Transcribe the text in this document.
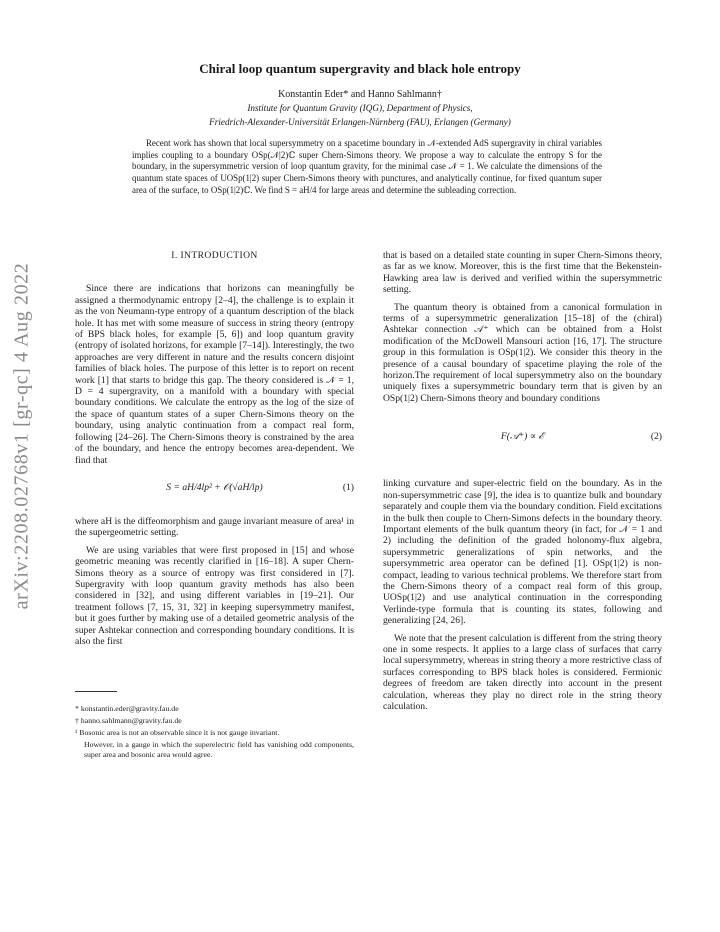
arXiv:2208.02768v1 [gr-qc] 4 Aug 2022
Chiral loop quantum supergravity and black hole entropy
Konstantin Eder* and Hanno Sahlmann†
Institute for Quantum Gravity (IQG), Department of Physics,
Friedrich-Alexander-Universität Erlangen-Nürnberg (FAU), Erlangen (Germany)

Recent work has shown that local supersymmetry on a spacetime boundary in 𝒩-extended AdS supergravity in chiral variables implies coupling to a boundary OSp(𝒩|2)ℂ super Chern-Simons theory. We propose a way to calculate the entropy S for the boundary, in the supersymmetric version of loop quantum gravity, for the minimal case 𝒩 = 1. We calculate the dimensions of the quantum state spaces of UOSp(1|2) super Chern-Simons theory with punctures, and analytically continue, for fixed quantum super area of the surface, to OSp(1|2)ℂ. We find S = aH/4 for large areas and determine the subleading correction.

I. INTRODUCTION

Since there are indications that horizons can meaningfully be assigned a thermodynamic entropy [2–4], the challenge is to explain it as the von Neumann-type entropy of a quantum description of the black hole. It has met with some measure of success in string theory (entropy of BPS black holes, for example [5, 6]) and loop quantum gravity (entropy of isolated horizons, for example [7–14]). Interestingly, the two approaches are very different in nature and the results concern disjoint families of black holes. The purpose of this letter is to report on recent work [1] that starts to bridge this gap. The theory considered is 𝒩 = 1, D = 4 supergravity, on a manifold with a boundary with special boundary conditions. We calculate the entropy as the log of the size of the space of quantum states of a super Chern-Simons theory on the boundary, using analytic continuation from a compact real form, following [24–26]. The Chern-Simons theory is constrained by the area of the boundary, and hence the entropy becomes area-dependent. We find that

S = aH/4lp² + 𝒪(√aH/lp)	(1)

where aH is the diffeomorphism and gauge invariant measure of area¹ in the supergeometric setting.

We are using variables that were first proposed in [15] and whose geometric meaning was recently clarified in [16–18]. A super Chern-Simons theory as a source of entropy was first considered in [7]. Supergravity with loop quantum gravity methods has also been considered in [32], and using different variables in [19–21]. Our treatment follows [7, 15, 31, 32] in keeping supersymmetry manifest, but it goes further by making use of a detailed geometric analysis of the super Ashtekar connection and corresponding boundary conditions. It is also the first

* konstantin.eder@gravity.fau.de
† hanno.sahlmann@gravity.fau.de
¹ Bosonic area is not an observable since it is not gauge invariant.
However, in a gauge in which the superelectric field has vanishing odd components, super area and bosonic area would agree.

that is based on a detailed state counting in super Chern-Simons theory, as far as we know. Moreover, this is the first time that the Bekenstein-Hawking area law is derived and verified within the supersymmetric setting.

The quantum theory is obtained from a canonical formulation in terms of a supersymmetric generalization [15–18] of the (chiral) Ashtekar connection 𝒜⁺ which can be obtained from a Holst modification of the McDowell Mansouri action [16, 17]. The structure group in this formulation is OSp(1|2). We consider this theory in the presence of a causal boundary of spacetime playing the role of the horizon.The requirement of local supersymmetry also on the boundary uniquely fixes a supersymmetric boundary term that is given by an OSp(1|2) Chern-Simons theory and boundary conditions

F(𝒜⁺) ∝ ℰ	(2)

linking curvature and super-electric field on the boundary. As in the non-supersymmetric case [9], the idea is to quantize bulk and boundary separately and couple them via the boundary condition. Field excitations in the bulk then couple to Chern-Simons defects in the boundary theory. Important elements of the bulk quantum theory (in fact, for 𝒩 = 1 and 2) including the definition of the graded holonomy-flux algebra, supersymmetric generalizations of spin networks, and the supersymmetric area operator can be defined [1]. OSp(1|2) is non-compact, leading to various technical problems. We therefore start from the Chern-Simons theory of a compact real form of this group, UOSp(1|2) and use analytical continuation in the corresponding Verlinde-type formula that is counting its states, following and generalizing [24, 26].

We note that the present calculation is different from the string theory one in some respects. It applies to a large class of surfaces that carry local supersymmetry, whereas in string theory a more restrictive class of surfaces corresponding to BPS black holes is considered. Fermionic degrees of freedom are taken directly into account in the present calculation, whereas they play no direct role in the string theory calculation.
